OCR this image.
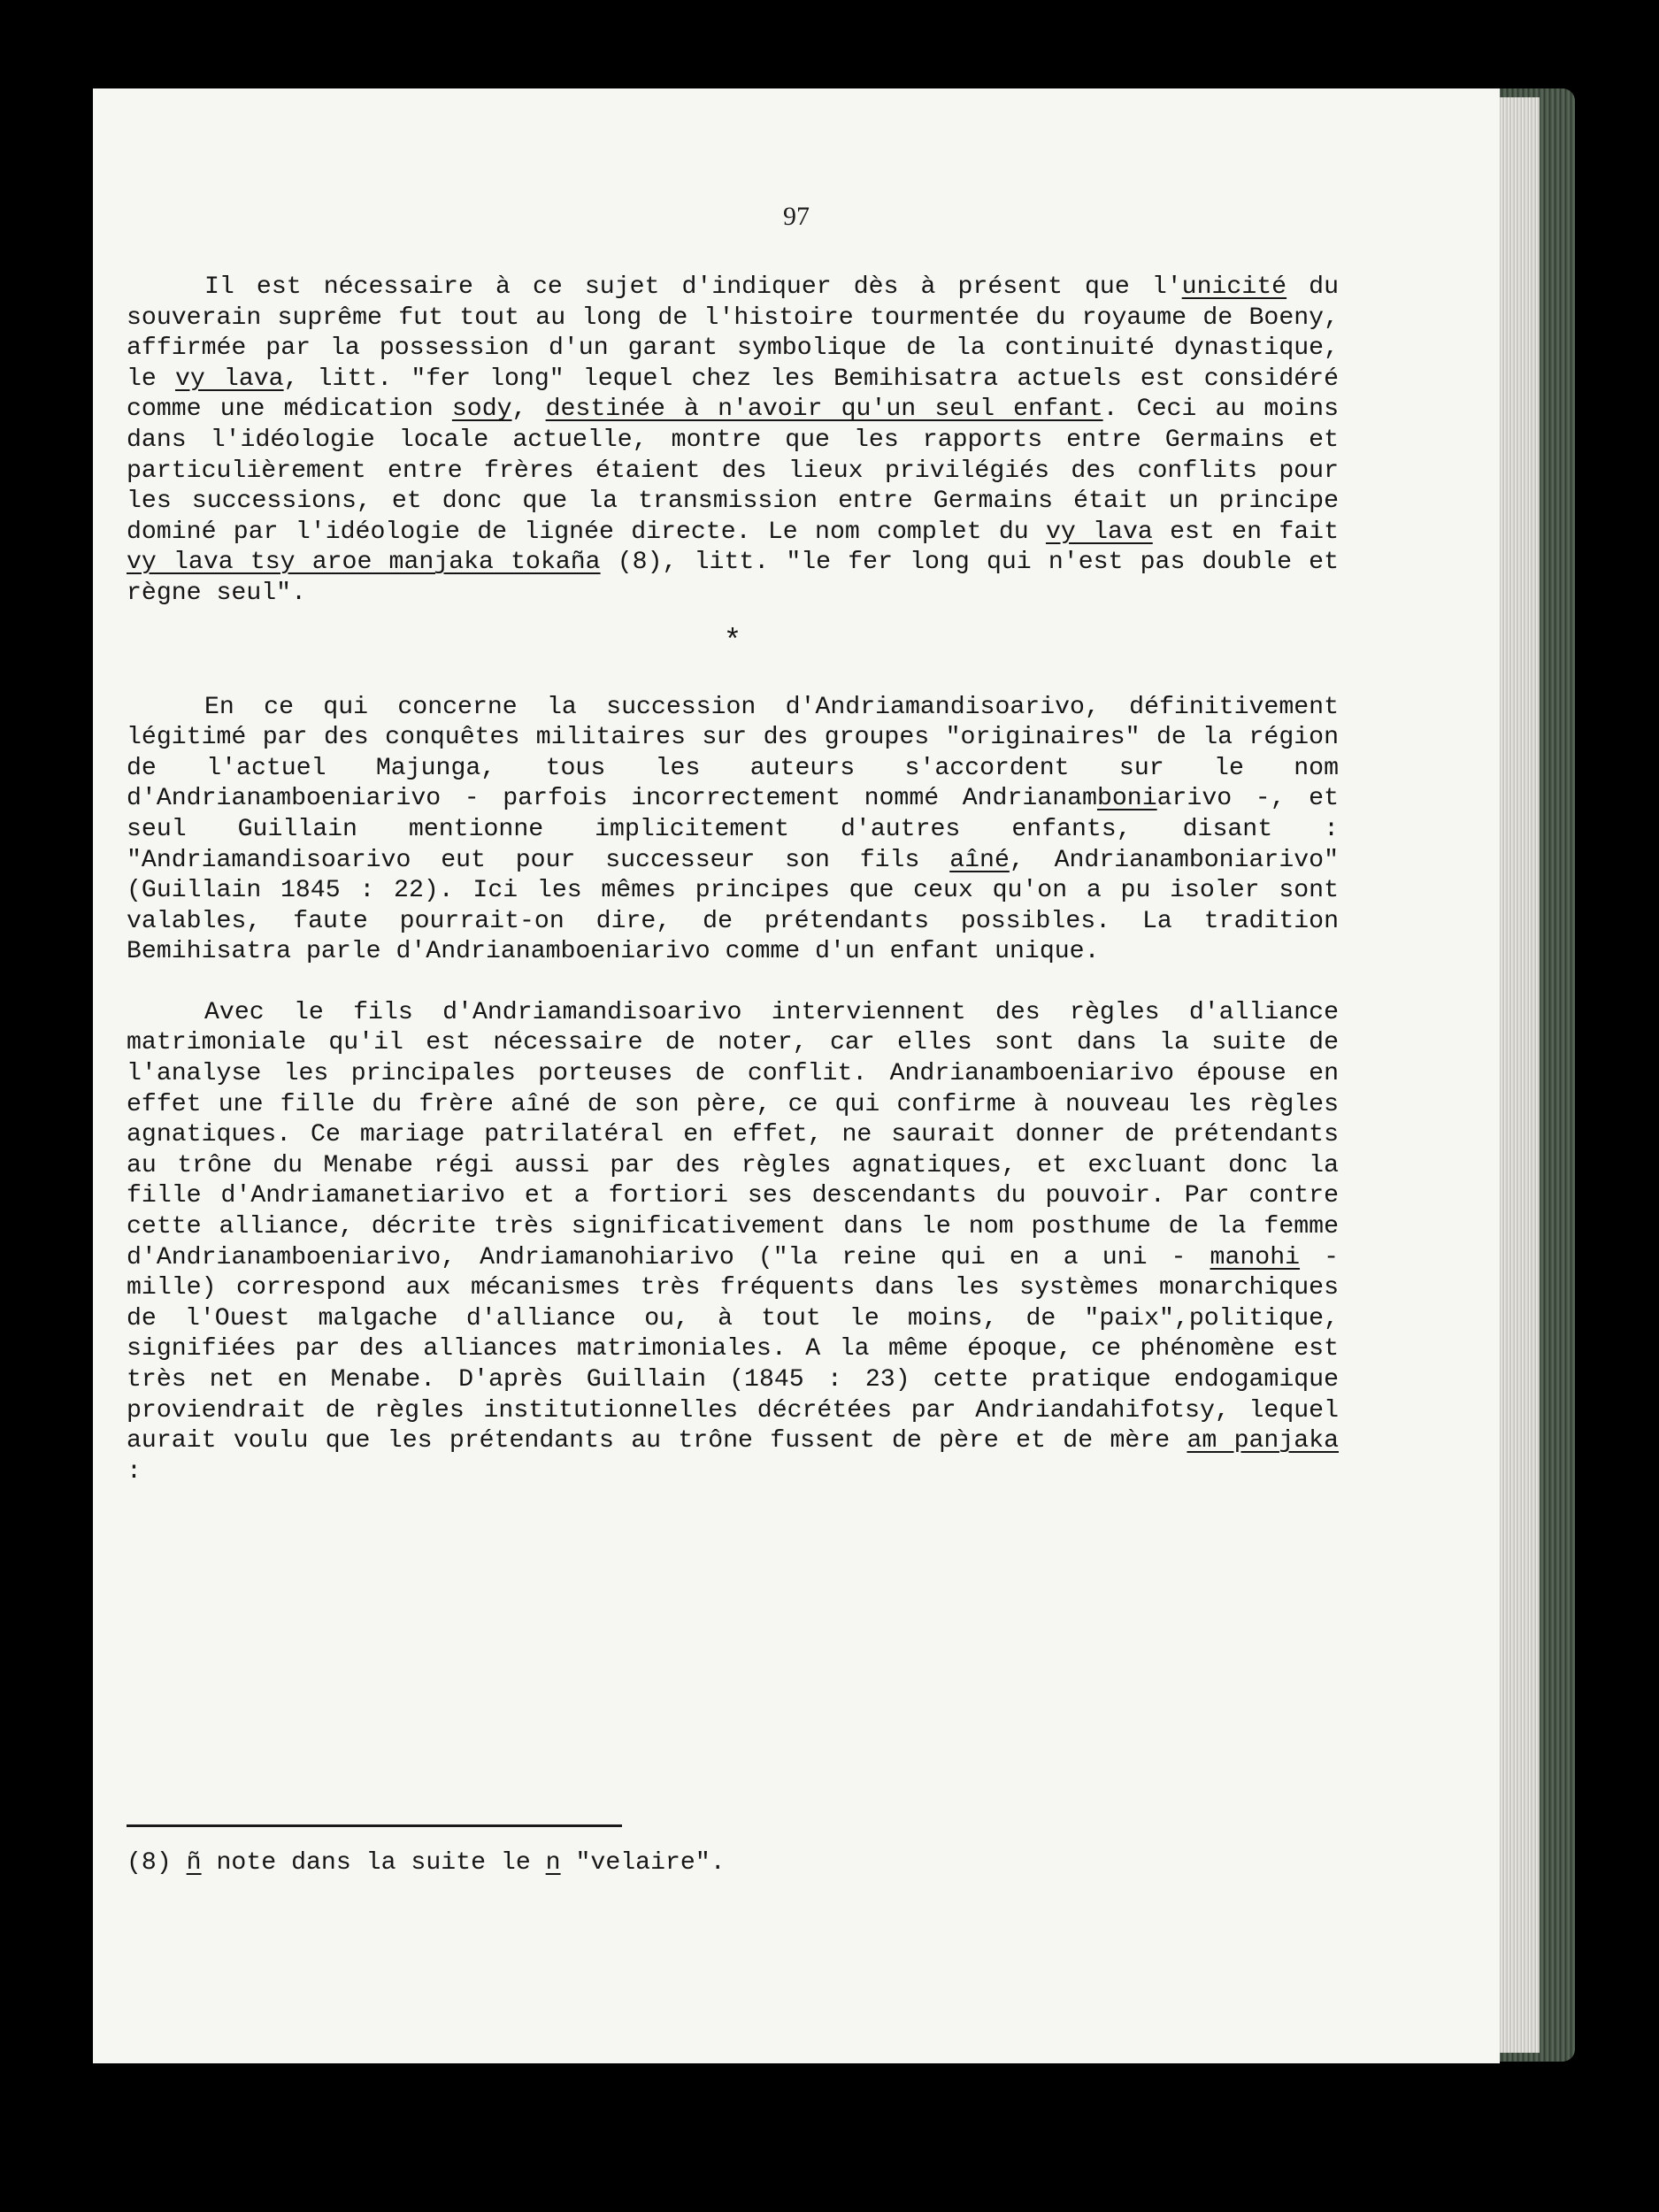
97

Il est nécessaire à ce sujet d'indiquer dès à présent que l'unicité du souverain suprême fut tout au long de l'histoire tourmentée du royaume de Boeny, affirmée par la possession d'un garant symbolique de la continuité dynastique, le vy lava, litt. "fer long" lequel chez les Bemihisatra actuels est considéré comme une médication sody, destinée à n'avoir qu'un seul enfant. Ceci au moins dans l'idéologie locale actuelle, montre que les rapports entre Germains et particulièrement entre frères étaient des lieux privilégiés des conflits pour les successions, et donc que la transmission entre Germains était un principe dominé par l'idéologie de lignée directe. Le nom complet du vy lava est en fait vy lava tsy aroe manjaka tokaña (8), litt. "le fer long qui n'est pas double et règne seul".

*

En ce qui concerne la succession d'Andriamandisoarivo, définitivement légitimé par des conquêtes militaires sur des groupes "originaires" de la région de l'actuel Majunga, tous les auteurs s'accordent sur le nom d'Andrianamboeniarivo - parfois incorrectement nommé Andrianamboniarivo -, et seul Guillain mentionne implicitement d'autres enfants, disant : "Andriamandisoarivo eut pour successeur son fils aîné, Andrianambonіarivo" (Guillain 1845 : 22). Ici les mêmes principes que ceux qu'on a pu isoler sont valables, faute pourrait-on dire, de prétendants possibles. La tradition Bemihisatra parle d'Andrianamboeniarivo comme d'un enfant unique.

Avec le fils d'Andriamandisoarivo interviennent des règles d'alliance matrimoniale qu'il est nécessaire de noter, car elles sont dans la suite de l'analyse les principales porteuses de conflit. Andrianamboeniarivo épouse en effet une fille du frère aîné de son père, ce qui confirme à nouveau les règles agnatiques. Ce mariage patrilatéral en effet, ne saurait donner de prétendants au trône du Menabe régi aussi par des règles agnatiques, et excluant donc la fille d'Andriamanetiarivo et a fortiori ses descendants du pouvoir. Par contre cette alliance, décrite très significativement dans le nom posthume de la femme d'Andrianamboeniarivo, Andriamanohiarivo ("la reine qui en a uni - manohi - mille) correspond aux mécanismes très fréquents dans les systèmes monarchiques de l'Ouest malgache d'alliance ou, à tout le moins, de "paix",politique, signifiées par des alliances matrimoniales. A la même époque, ce phénomène est très net en Menabe. D'après Guillain (1845 : 23) cette pratique endogamique proviendrait de règles institutionnelles décrétées par Andriandahifotsy, lequel aurait voulu que les prétendants au trône fussent de père et de mère am panjaka :

(8) ñ note dans la suite le n "velaire".
